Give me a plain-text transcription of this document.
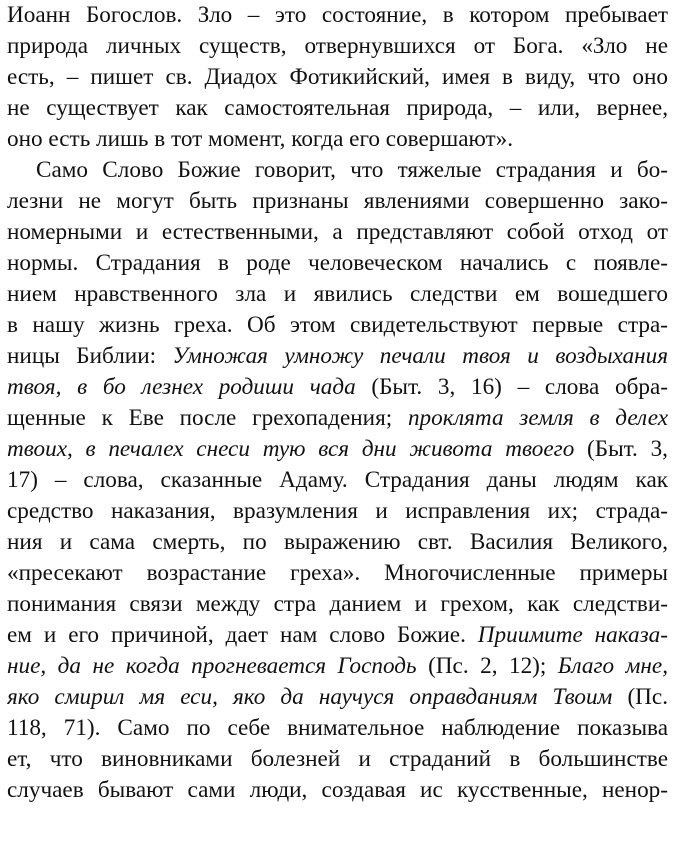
Иоанн Богослов. Зло – это состояние, в котором пребывает
природа личных существ, отвернувшихся от Бога. «Зло не
есть, – пишет св. Диадох Фотикийский, имея в виду, что оно
не существует как самостоятельная природа, – или, вернее,
оно есть лишь в тот момент, когда его совершают».
Само Слово Божие говорит, что тяжелые страдания и бо-
лезни не могут быть признаны явлениями совершенно зако-
номерными и естественными, а представляют собой отход от
нормы. Страдания в роде человеческом начались с появле-
нием нравственного зла и явились следстви ем вошедшего
в нашу жизнь греха. Об этом свидетельствуют первые стра-
ницы Библии: Умножая умножу печали твоя и воздыхания
твоя, в бо лезнех родиши чада (Быт. 3, 16) – слова обра-
щенные к Еве после грехопадения; проклята земля в делех
твоих, в печалех снеси тую вся дни живота твоего (Быт. 3,
17) – слова, сказанные Адаму. Страдания даны людям как
средство наказания, вразумления и исправления их; страда-
ния и сама смерть, по выражению свт. Василия Великого,
«пресекают возрастание греха». Многочисленные примеры
понимания связи между стра данием и грехом, как следстви-
ем и его причиной, дает нам слово Божие. Приимите наказа-
ние, да не когда прогневается Господь (Пс. 2, 12); Благо мне,
яко смирил мя еси, яко да научуся оправданиям Твоим (Пс.
118, 71). Само по себе внимательное наблюдение показыва
ет, что виновниками болезней и страданий в большинстве
случаев бывают сами люди, создавая ис кусственные, ненор-
